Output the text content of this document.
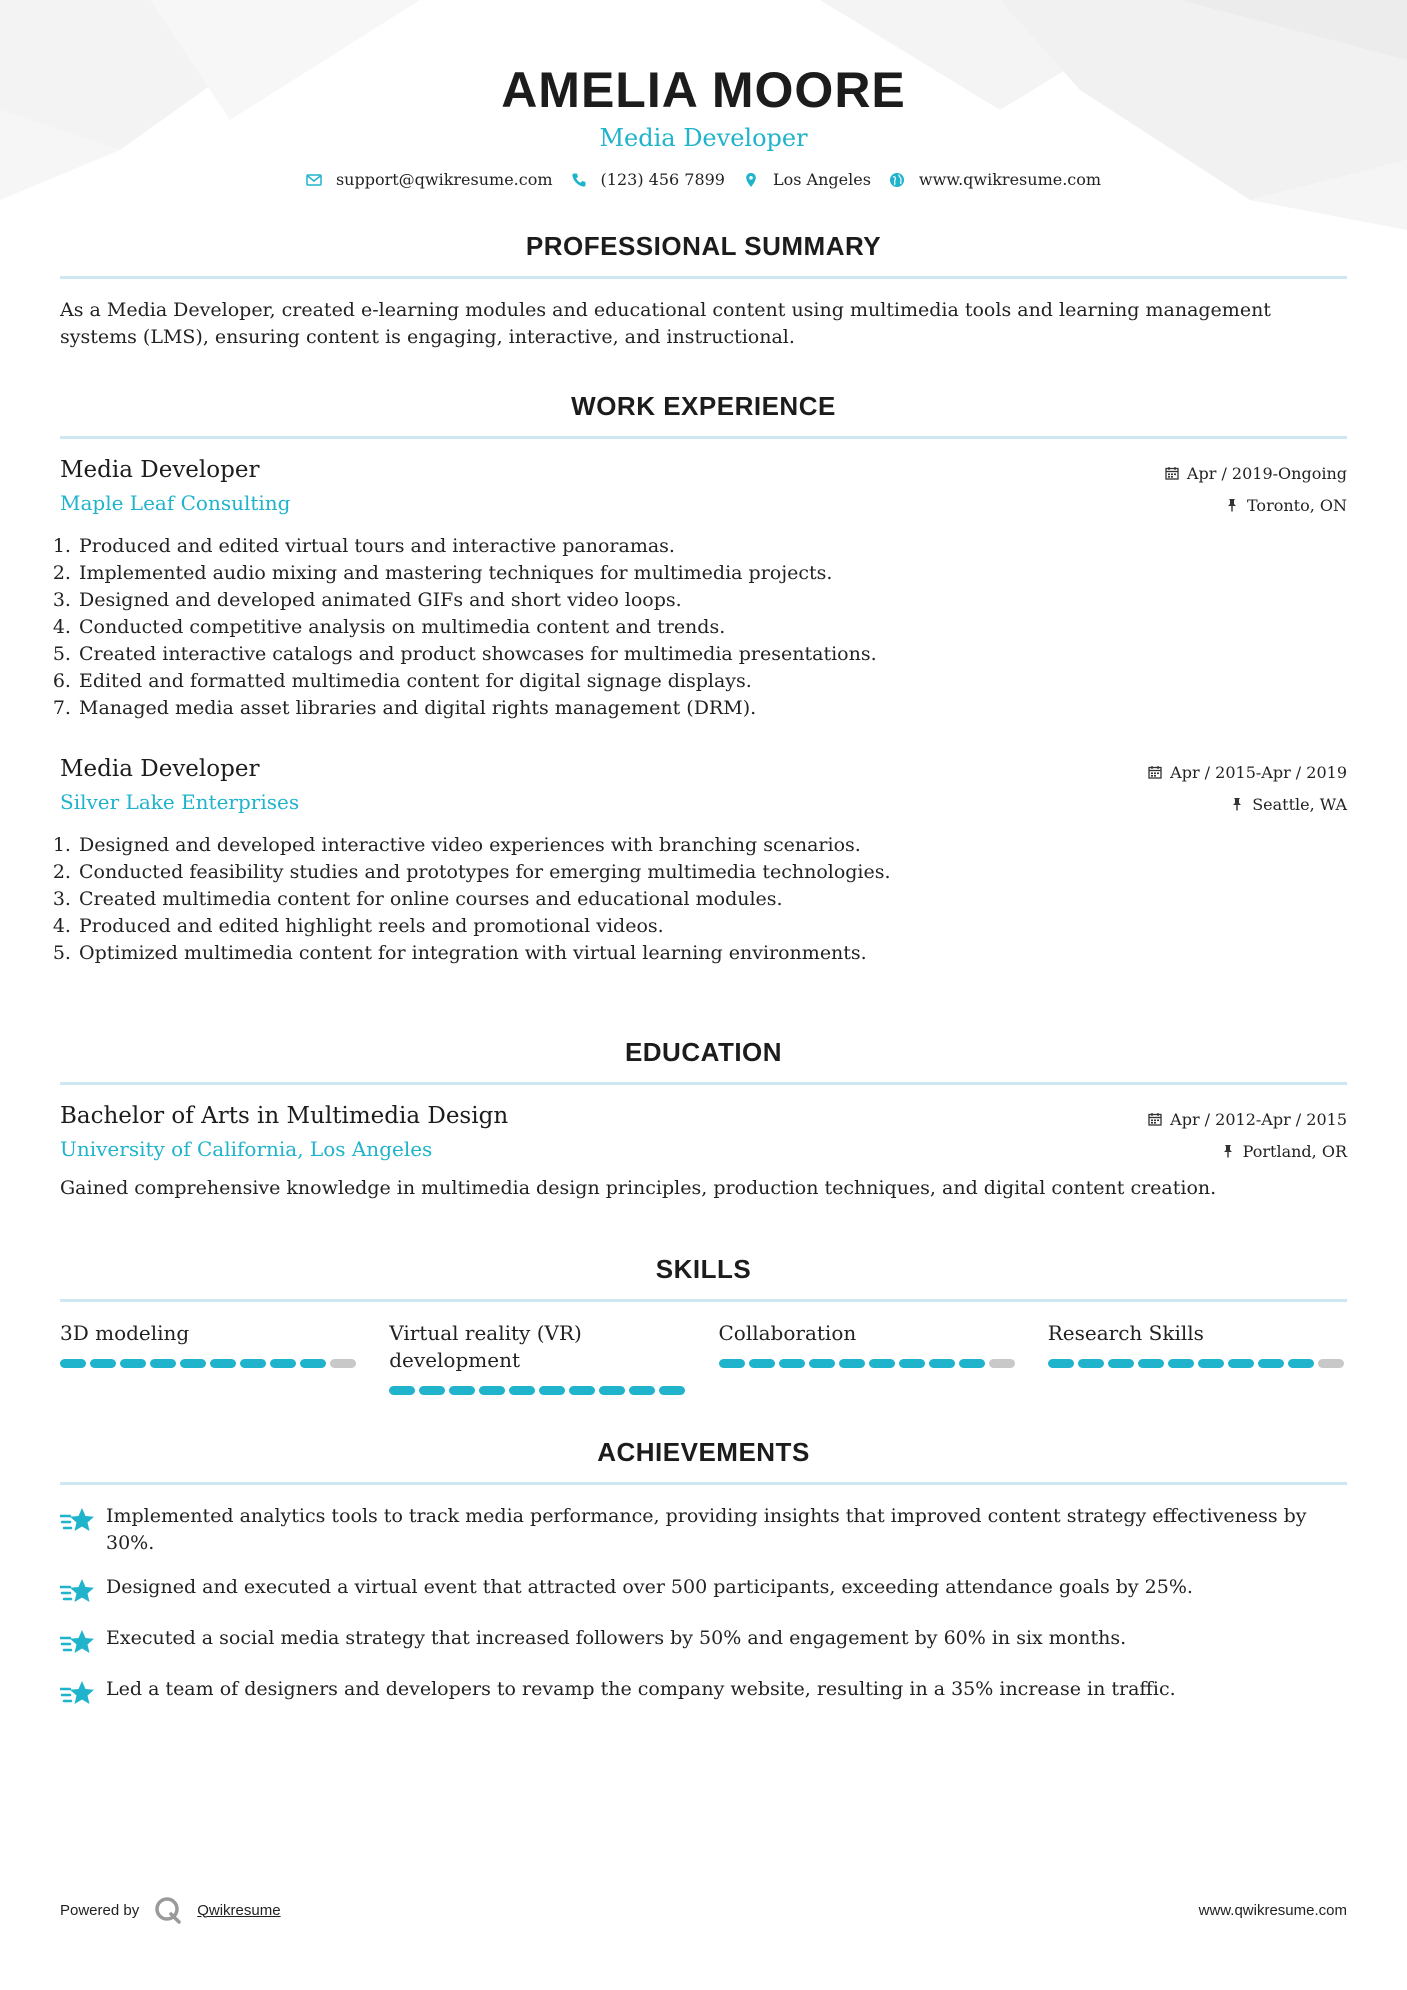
AMELIA MOORE
Media Developer
support@qwikresume.com	(123) 456 7899	Los Angeles	www.qwikresume.com
PROFESSIONAL SUMMARY
As a Media Developer, created e-learning modules and educational content using multimedia tools and learning management systems (LMS), ensuring content is engaging, interactive, and instructional.
WORK EXPERIENCE
Media Developer
Maple Leaf Consulting
Apr / 2019-Ongoing
Toronto, ON
1. Produced and edited virtual tours and interactive panoramas.
2. Implemented audio mixing and mastering techniques for multimedia projects.
3. Designed and developed animated GIFs and short video loops.
4. Conducted competitive analysis on multimedia content and trends.
5. Created interactive catalogs and product showcases for multimedia presentations.
6. Edited and formatted multimedia content for digital signage displays.
7. Managed media asset libraries and digital rights management (DRM).
Media Developer
Silver Lake Enterprises
Apr / 2015-Apr / 2019
Seattle, WA
1. Designed and developed interactive video experiences with branching scenarios.
2. Conducted feasibility studies and prototypes for emerging multimedia technologies.
3. Created multimedia content for online courses and educational modules.
4. Produced and edited highlight reels and promotional videos.
5. Optimized multimedia content for integration with virtual learning environments.
EDUCATION
Bachelor of Arts in Multimedia Design
University of California, Los Angeles
Apr / 2012-Apr / 2015
Portland, OR
Gained comprehensive knowledge in multimedia design principles, production techniques, and digital content creation.
SKILLS
3D modeling	Virtual reality (VR) development
Collaboration	Research Skills
ACHIEVEMENTS
Implemented analytics tools to track media performance, providing insights that improved content strategy effectiveness by 30%.
Designed and executed a virtual event that attracted over 500 participants, exceeding attendance goals by 25%.
Executed a social media strategy that increased followers by 50% and engagement by 60% in six months.
Led a team of designers and developers to revamp the company website, resulting in a 35% increase in traffic.
Powered by	Qwikresume	www.qwikresume.com
